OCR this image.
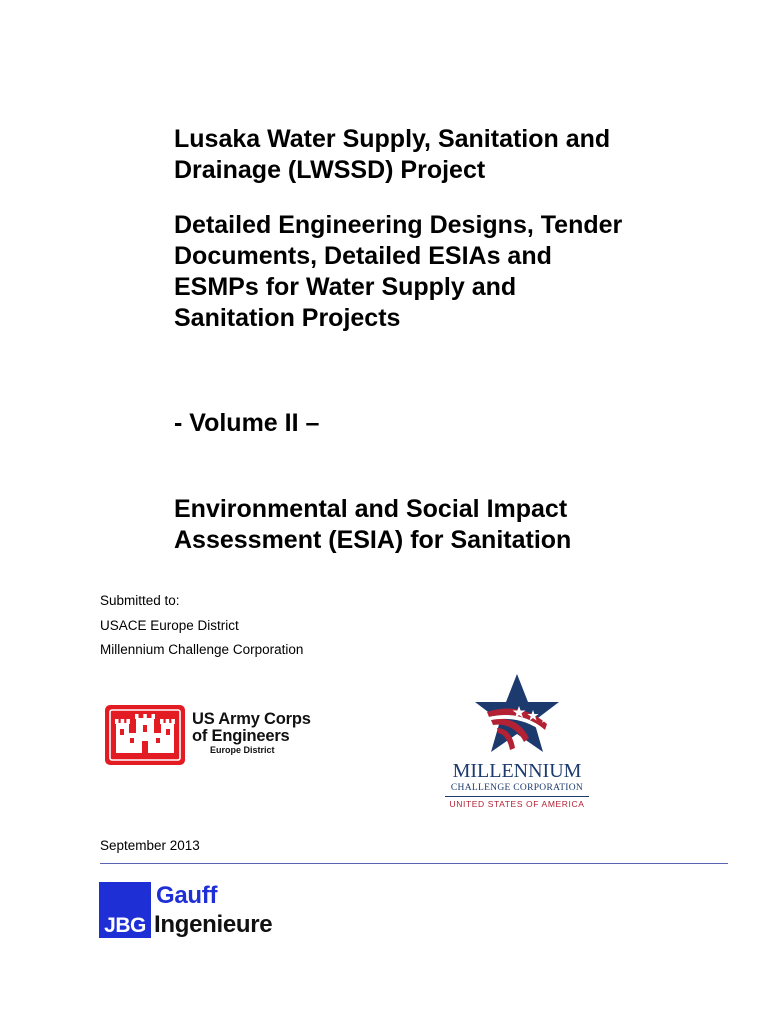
Lusaka Water Supply, Sanitation and
Drainage (LWSSD) Project
Detailed Engineering Designs, Tender
Documents, Detailed ESIAs and
ESMPs for Water Supply and
Sanitation Projects
- Volume II –
Environmental and Social Impact
Assessment (ESIA) for Sanitation
Submitted to:
USACE Europe District
Millennium Challenge Corporation
US Army Corps
of Engineers
Europe District
MILLENNIUM
CHALLENGE CORPORATION
UNITED STATES OF AMERICA
September 2013
JBG
Gauff
Ingenieure
